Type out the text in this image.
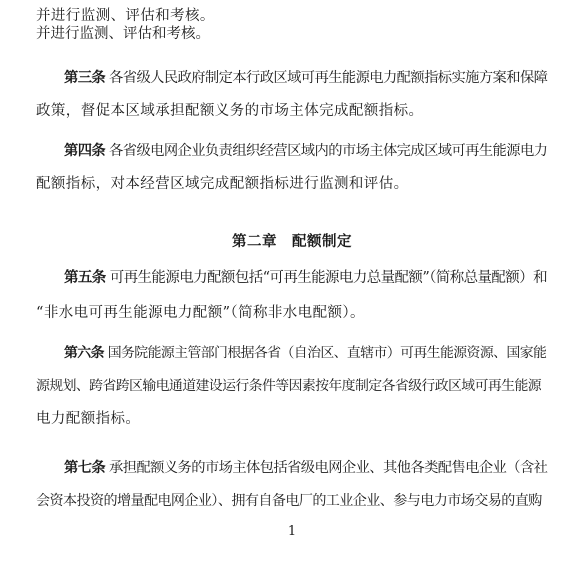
并进行监测、评估和考核。
并进行监测、评估和考核。
第三条 各省级人民政府制定本行政区域可再生能源电力配额指标实施方案和保障
政策，督促本区域承担配额义务的市场主体完成配额指标。
第四条 各省级电网企业负责组织经营区域内的市场主体完成区域可再生能源电力
配额指标，对本经营区域完成配额指标进行监测和评估。
第二章　配额制定
第五条 可再生能源电力配额包括“可再生能源电力总量配额”（简称总量配额）和
“非水电可再生能源电力配额”（简称非水电配额）。
第六条 国务院能源主管部门根据各省（自治区、直辖市）可再生能源资源、国家能
源规划、跨省跨区输电通道建设运行条件等因素按年度制定各省级行政区域可再生能源
电力配额指标。
第七条 承担配额义务的市场主体包括省级电网企业、其他各类配售电企业（含社
会资本投资的增量配电网企业）、拥有自备电厂的工业企业、参与电力市场交易的直购
1
